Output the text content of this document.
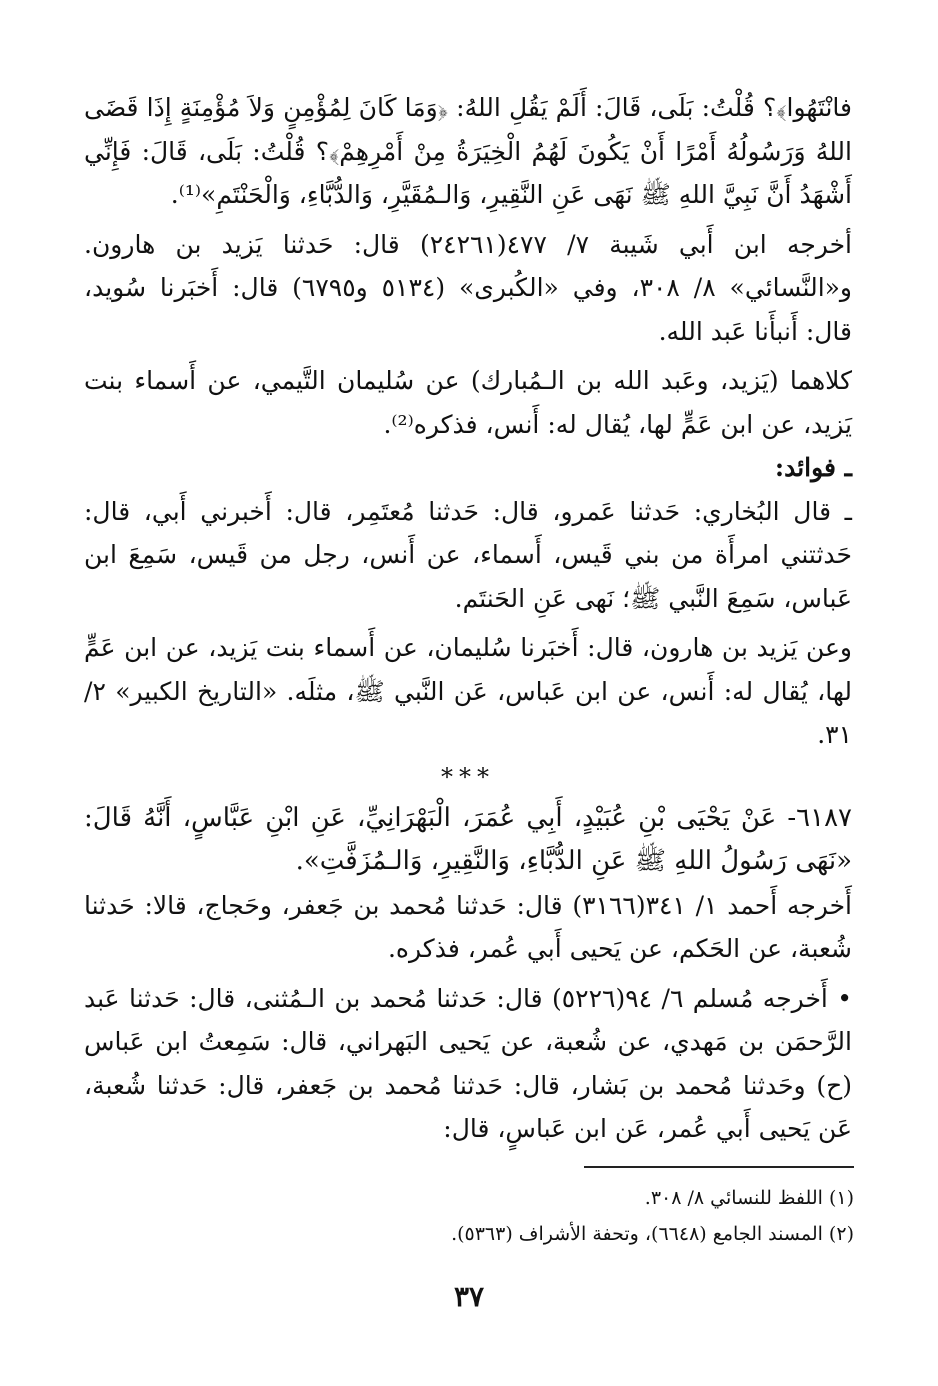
فانْتَهُوا﴾؟ قُلْتُ: بَلَى، قَالَ: أَلَمْ يَقُلِ اللهُ: ﴿وَمَا كَانَ لِمُؤْمِنٍ وَلاَ مُؤْمِنَةٍ إِذَا قَضَى اللهُ وَرَسُولُهُ أَمْرًا أَنْ يَكُونَ لَهُمُ الْخِيَرَةُ مِنْ أَمْرِهِمْ﴾؟ قُلْتُ: بَلَى، قَالَ: فَإِنِّي أَشْهَدُ أَنَّ نَبِيَّ اللهِ ﷺ نَهَى عَنِ النَّقِيرِ، وَالـمُقَيَّرِ، وَالدُّبَّاءِ، وَالْحَنْتَمِ»⁽¹⁾.

أخرجه ابن أَبي شَيبة ٧/ ٤٧٧(٢٤٢٦١) قال: حَدثنا يَزيد بن هارون. و«النَّسائي» ٨/ ٣٠٨، وفي «الكُبرى» (٥١٣٤ و٦٧٩٥) قال: أَخبَرنا سُويد، قال: أَنبأَنا عَبد الله.

كلاهما (يَزيد، وعَبد الله بن الـمُبارك) عن سُليمان التَّيمي، عن أَسماء بنت يَزيد، عن ابن عَمٍّ لها، يُقال له: أَنس، فذكره⁽²⁾.

ـ فوائد:

ـ قال البُخاري: حَدثنا عَمرو، قال: حَدثنا مُعتَمِر، قال: أَخبرني أَبي، قال: حَدثتني امرأَة من بني قَيس، أَسماء، عن أَنس، رجل من قَيس، سَمِعَ ابن عَباس، سَمِعَ النَّبي ﷺ؛ نَهى عَنِ الحَنتَم.

وعن يَزيد بن هارون، قال: أَخبَرنا سُليمان، عن أَسماء بنت يَزيد، عن ابن عَمٍّ لها، يُقال له: أَنس، عن ابن عَباس، عَن النَّبي ﷺ، مثلَه. «التاريخ الكبير» ٢/ ٣١.

***

٦١٨٧- عَنْ يَحْيَى بْنِ عُبَيْدٍ، أَبِي عُمَرَ، الْبَهْرَانِيِّ، عَنِ ابْنِ عَبَّاسٍ، أَنَّهُ قَالَ: «نَهَى رَسُولُ اللهِ ﷺ عَنِ الدُّبَّاءِ، وَالنَّقِيرِ، وَالـمُزَفَّتِ».

أَخرجه أَحمد ١/ ٣٤١(٣١٦٦) قال: حَدثنا مُحمد بن جَعفر، وحَجاج، قالا: حَدثنا شُعبة، عن الحَكم، عن يَحيى أَبي عُمر، فذكره.

• أَخرجه مُسلم ٦/ ٩٤(٥٢٢٦) قال: حَدثنا مُحمد بن الـمُثنى، قال: حَدثنا عَبد الرَّحمَن بن مَهدي، عن شُعبة، عن يَحيى البَهراني، قال: سَمِعتُ ابن عَباس (ح) وحَدثنا مُحمد بن بَشار، قال: حَدثنا مُحمد بن جَعفر، قال: حَدثنا شُعبة، عَن يَحيى أَبي عُمر، عَن ابن عَباسٍ، قال:

(١) اللفظ للنسائي ٨/ ٣٠٨.

(٢) المسند الجامع (٦٦٤٨)، وتحفة الأشراف (٥٣٦٣).

٣٧
